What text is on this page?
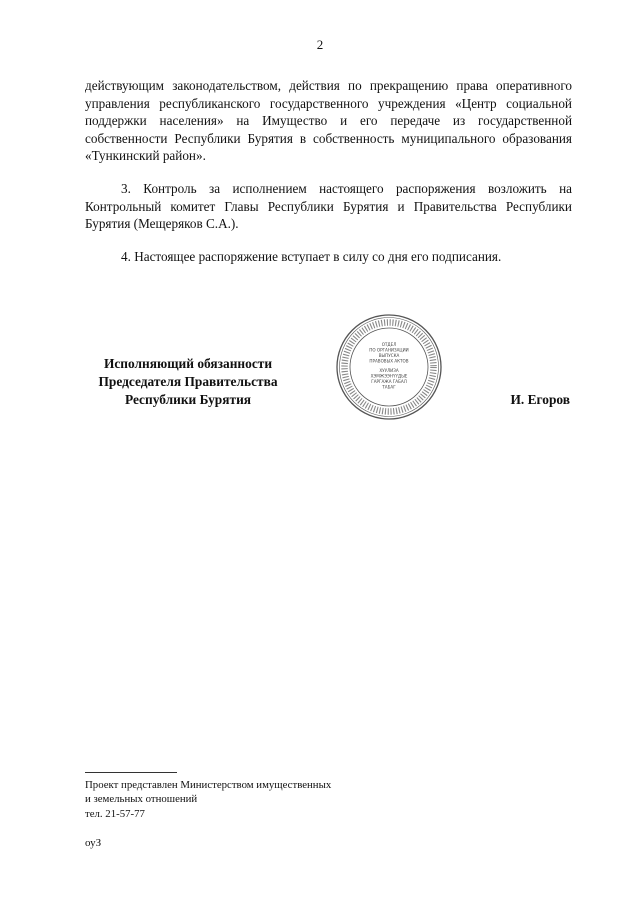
2

действующим законодательством, действия по прекращению права оперативного управления республиканского государственного учреждения «Центр социальной поддержки населения» на Имущество и его передаче из государственной собственности Республики Бурятия в собственность муниципального образования «Тункинский район».

3. Контроль за исполнением настоящего распоряжения возложить на Контрольный комитет Главы Республики Бурятия и Правительства Республики Бурятия (Мещеряков С.А.).

4. Настоящее распоряжение вступает в силу со дня его подписания.

Исполняющий обязанности
Председателя Правительства
Республики Бурятия
ОТДЕЛ
ПО ОРГАНИЗАЦИИ
ВЫПУСКА
ПРАВОВЫХ АКТОВ
ХУУЛИЗА
ХЭМЖЭЭНҮҮДЫЕ
ГАРГАЖА ГАБАЛ
ТАБАГ
И. Егоров
Проект представлен Министерством имущественных
и земельных отношений
тел. 21-57-77
оуЗ
